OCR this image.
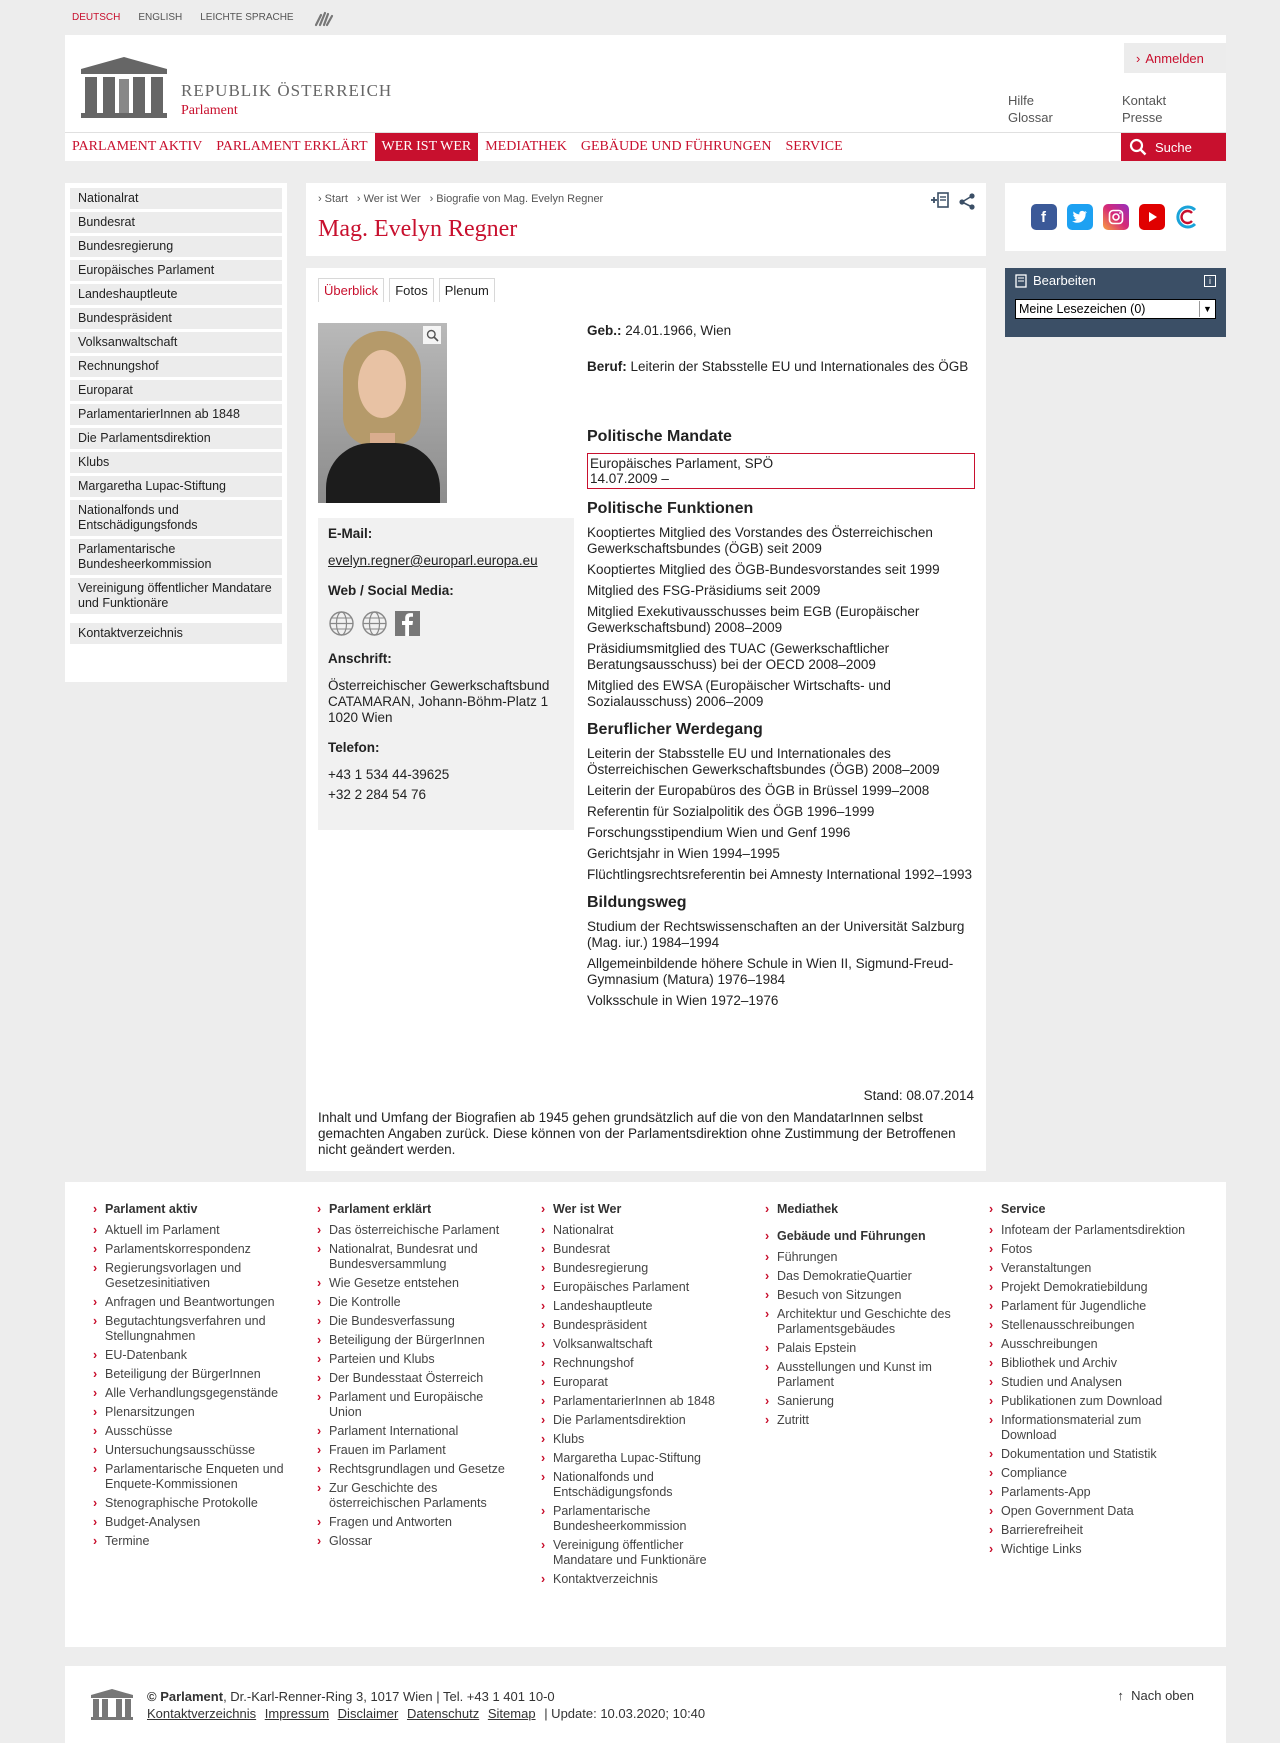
DEUTSCH ENGLISH LEICHTE SPRACHE
REPUBLIK ÖSTERREICH
Parlament
› Anmelden
Hilfe	Kontakt
Glossar	Presse
PARLAMENT AKTIV	PARLAMENT ERKLÄRT	WER IST WER	MEDIATHEK	GEBÄUDE UND FÜHRUNGEN	SERVICE	Suche
Nationalrat
Bundesrat
Bundesregierung
Europäisches Parlament
Landeshauptleute
Bundespräsident
Volksanwaltschaft
Rechnungshof
Europarat
ParlamentarierInnen ab 1848
Die Parlamentsdirektion
Klubs
Margaretha Lupac-Stiftung
Nationalfonds und Entschädigungsfonds
Parlamentarische Bundesheerkommission
Vereinigung öffentlicher Mandatare und Funktionäre
Kontaktverzeichnis
› Start	› Wer ist Wer	› Biografie von Mag. Evelyn Regner
Mag. Evelyn Regner
Überblick	Fotos	Plenum
E-Mail:

evelyn.regner@europarl.europa.eu

Web / Social Media:
Anschrift:

Österreichischer Gewerkschaftsbund

CATAMARAN, Johann-Böhm-Platz 1

1020 Wien

Telefon:

+43 1 534 44-39625

+32 2 284 54 76

Geb.: 24.01.1966, Wien

Beruf: Leiterin der Stabsstelle EU und Internationales des ÖGB

Politische Mandate
Europäisches Parlament, SPÖ
14.07.2009 –
Politische Funktionen

Kooptiertes Mitglied des Vorstandes des Österreichischen Gewerkschaftsbundes (ÖGB) seit 2009

Kooptiertes Mitglied des ÖGB-Bundesvorstandes seit 1999

Mitglied des FSG-Präsidiums seit 2009

Mitglied Exekutivausschusses beim EGB (Europäischer Gewerkschaftsbund) 2008–2009

Präsidiumsmitglied des TUAC (Gewerkschaftlicher Beratungsausschuss) bei der OECD 2008–2009

Mitglied des EWSA (Europäischer Wirtschafts- und Sozialausschuss) 2006–2009

Beruflicher Werdegang

Leiterin der Stabsstelle EU und Internationales des Österreichischen Gewerkschaftsbundes (ÖGB) 2008–2009

Leiterin der Europabüros des ÖGB in Brüssel 1999–2008

Referentin für Sozialpolitik des ÖGB 1996–1999

Forschungsstipendium Wien und Genf 1996

Gerichtsjahr in Wien 1994–1995

Flüchtlingsrechtsreferentin bei Amnesty International 1992–1993

Bildungsweg

Studium der Rechtswissenschaften an der Universität Salzburg (Mag. iur.) 1984–1994

Allgemeinbildende höhere Schule in Wien II, Sigmund-Freud-Gymnasium (Matura) 1976–1984

Volksschule in Wien 1972–1976

Stand: 08.07.2014

Inhalt und Umfang der Biografien ab 1945 gehen grundsätzlich auf die von den MandatarInnen selbst gemachten Angaben zurück. Diese können von der Parlamentsdirektion ohne Zustimmung der Betroffenen nicht geändert werden.

f
Bearbeiten	i
Meine Lesezeichen (0)	▼
› Parlament aktiv
› Aktuell im Parlament
› Parlamentskorrespondenz
› Regierungsvorlagen und Gesetzesinitiativen
› Anfragen und Beantwortungen
› Begutachtungsverfahren und Stellungnahmen
› EU-Datenbank
› Beteiligung der BürgerInnen
› Alle Verhandlungsgegenstände
› Plenarsitzungen
› Ausschüsse
› Untersuchungsausschüsse
› Parlamentarische Enqueten und Enquete-Kommissionen
› Stenographische Protokolle
› Budget-Analysen
› Termine
› Parlament erklärt
› Das österreichische Parlament
› Nationalrat, Bundesrat und Bundesversammlung
› Wie Gesetze entstehen
› Die Kontrolle
› Die Bundesverfassung
› Beteiligung der BürgerInnen
› Parteien und Klubs
› Der Bundesstaat Österreich
› Parlament und Europäische Union
› Parlament International
› Frauen im Parlament
› Rechtsgrundlagen und Gesetze
› Zur Geschichte des österreichischen Parlaments
› Fragen und Antworten
› Glossar
› Wer ist Wer
› Nationalrat
› Bundesrat
› Bundesregierung
› Europäisches Parlament
› Landeshauptleute
› Bundespräsident
› Volksanwaltschaft
› Rechnungshof
› Europarat
› ParlamentarierInnen ab 1848
› Die Parlamentsdirektion
› Klubs
› Margaretha Lupac-Stiftung
› Nationalfonds und Entschädigungsfonds
› Parlamentarische Bundesheerkommission
› Vereinigung öffentlicher Mandatare und Funktionäre
› Kontaktverzeichnis
› Mediathek
› Gebäude und Führungen
› Führungen
› Das DemokratieQuartier
› Besuch von Sitzungen
› Architektur und Geschichte des Parlamentsgebäudes
› Palais Epstein
› Ausstellungen und Kunst im Parlament
› Sanierung
› Zutritt
› Service
› Infoteam der Parlamentsdirektion
› Fotos
› Veranstaltungen
› Projekt Demokratiebildung
› Parlament für Jugendliche
› Stellenausschreibungen
› Ausschreibungen
› Bibliothek und Archiv
› Studien und Analysen
› Publikationen zum Download
› Informationsmaterial zum Download
› Dokumentation und Statistik
› Compliance
› Parlaments-App
› Open Government Data
› Barrierefreiheit
› Wichtige Links
© Parlament, Dr.-Karl-Renner-Ring 3, 1017 Wien | Tel. +43 1 401 10-0
Kontaktverzeichnis Impressum Disclaimer Datenschutz Sitemap | Update: 10.03.2020; 10:40
↑ Nach oben
